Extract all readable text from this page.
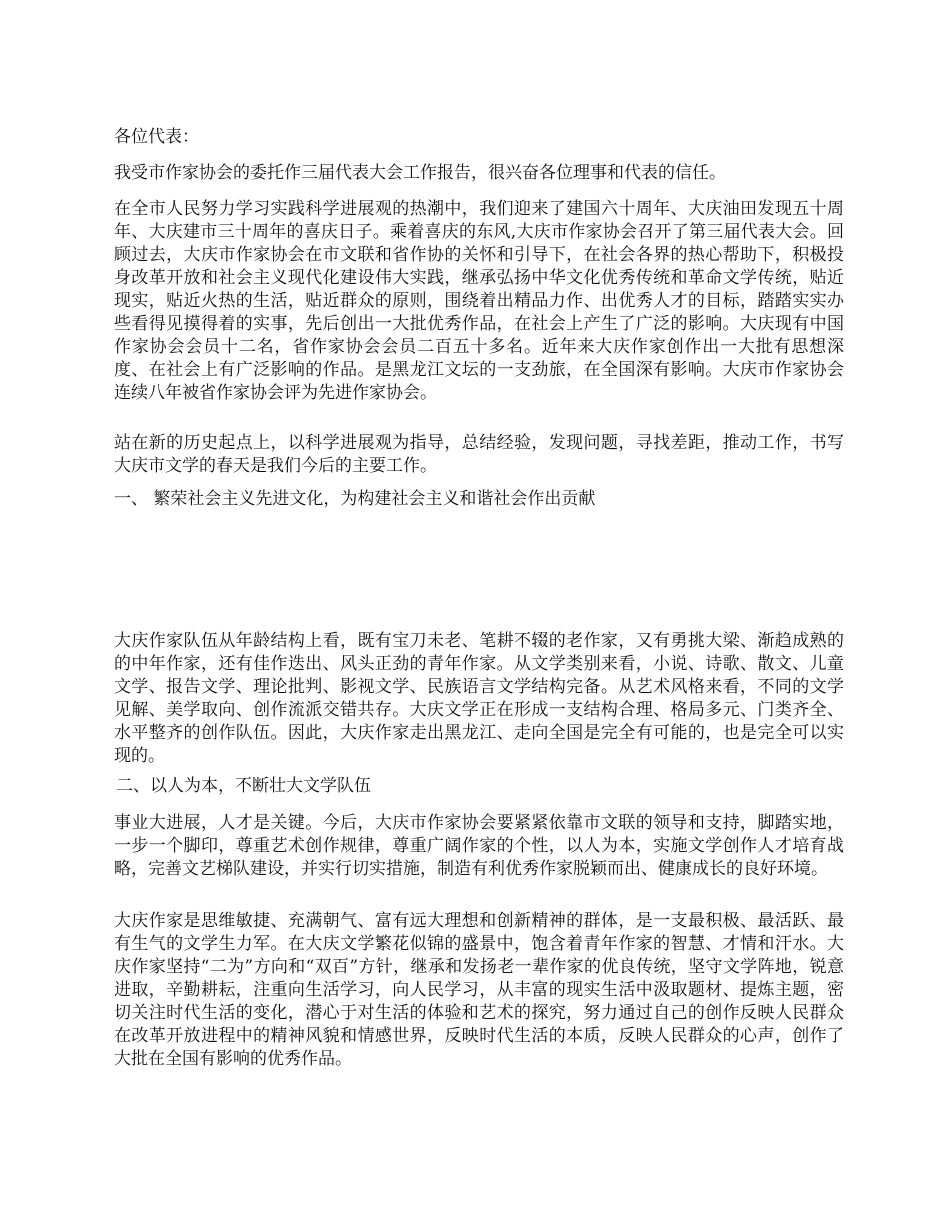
各位代表：

我受市作家协会的委托作三届代表大会工作报告，很兴奋各位理事和代表的信任。

在全市人民努力学习实践科学进展观的热潮中，我们迎来了建国六十周年、大庆油田发现五十周年、大庆建市三十周年的喜庆日子。乘着喜庆的东风,大庆市作家协会召开了第三届代表大会。回顾过去，大庆市作家协会在市文联和省作协的关怀和引导下，在社会各界的热心帮助下，积极投身改革开放和社会主义现代化建设伟大实践，继承弘扬中华文化优秀传统和革命文学传统，贴近现实，贴近火热的生活，贴近群众的原则，围绕着出精品力作、出优秀人才的目标，踏踏实实办些看得见摸得着的实事，先后创出一大批优秀作品，在社会上产生了广泛的影响。大庆现有中国作家协会会员十二名，省作家协会会员二百五十多名。近年来大庆作家创作出一大批有思想深度、在社会上有广泛影响的作品。是黑龙江文坛的一支劲旅，在全国深有影响。大庆市作家协会连续八年被省作家协会评为先进作家协会。

站在新的历史起点上，以科学进展观为指导，总结经验，发现问题，寻找差距，推动工作，书写大庆市文学的春天是我们今后的主要工作。

一、 繁荣社会主义先进文化，为构建社会主义和谐社会作出贡献

大庆作家队伍从年龄结构上看，既有宝刀未老、笔耕不辍的老作家，又有勇挑大梁、渐趋成熟的的中年作家，还有佳作迭出、风头正劲的青年作家。从文学类别来看，小说、诗歌、散文、儿童文学、报告文学、理论批判、影视文学、民族语言文学结构完备。从艺术风格来看，不同的文学见解、美学取向、创作流派交错共存。大庆文学正在形成一支结构合理、格局多元、门类齐全、水平整齐的创作队伍。因此，大庆作家走出黑龙江、走向全国是完全有可能的，也是完全可以实现的。

二、以人为本，不断壮大文学队伍

事业大进展，人才是关键。今后，大庆市作家协会要紧紧依靠市文联的领导和支持，脚踏实地，一步一个脚印，尊重艺术创作规律，尊重广阔作家的个性，以人为本，实施文学创作人才培育战略，完善文艺梯队建设，并实行切实措施，制造有利优秀作家脱颖而出、健康成长的良好环境。

大庆作家是思维敏捷、充满朝气、富有远大理想和创新精神的群体，是一支最积极、最活跃、最有生气的文学生力军。在大庆文学繁花似锦的盛景中，饱含着青年作家的智慧、才情和汗水。大庆作家坚持“二为”方向和“双百”方针，继承和发扬老一辈作家的优良传统，坚守文学阵地，锐意进取，辛勤耕耘，注重向生活学习，向人民学习，从丰富的现实生活中汲取题材、提炼主题，密切关注时代生活的变化，潜心于对生活的体验和艺术的探究，努力通过自己的创作反映人民群众在改革开放进程中的精神风貌和情感世界，反映时代生活的本质，反映人民群众的心声，创作了大批在全国有影响的优秀作品。
